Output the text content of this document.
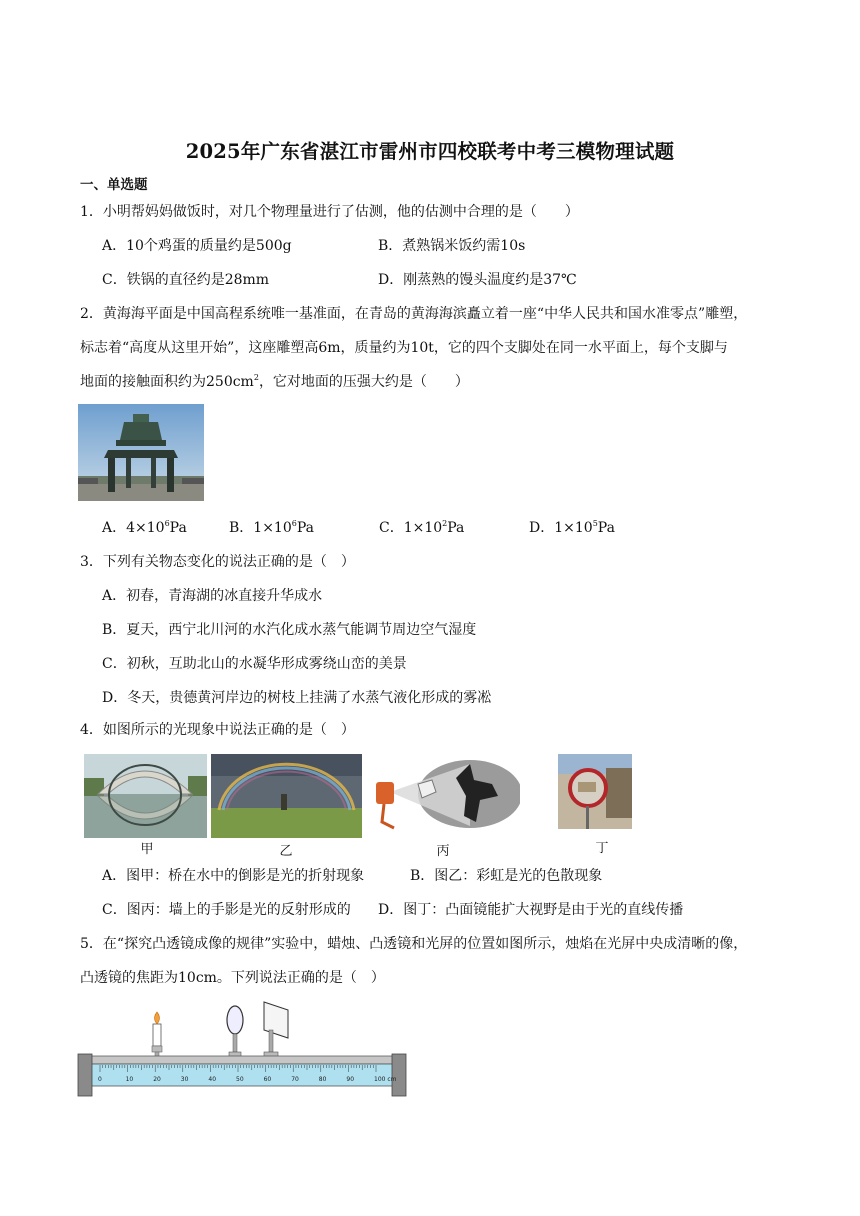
2025年广东省湛江市雷州市四校联考中考三模物理试题
一、单选题
1．小明帮妈妈做饭时，对几个物理量进行了估测，他的估测中合理的是（　　）
A．10个鸡蛋的质量约是500g	B．煮熟锅米饭约需10s
C．铁锅的直径约是28mm	D．刚蒸熟的馒头温度约是37℃
2．黄海海平面是中国高程系统唯一基准面，在青岛的黄海海滨矗立着一座“中华人民共和国水准零点”雕塑，
标志着“高度从这里开始”，这座雕塑高6m，质量约为10t，它的四个支脚处在同一水平面上，每个支脚与
地面的接触面积约为$250cm^2$，它对地面的压强大约是（　　）
A．$4\times 10^6Pa$	B．$1\times 10^6Pa$	C．$1\times 10^2Pa$	D．$1\times 10^5Pa$
3．下列有关物态变化的说法正确的是（　）
A．初春，青海湖的冰直接升华成水
B．夏天，西宁北川河的水汽化成水蒸气能调节周边空气湿度
C．初秋，互助北山的水凝华形成雾绕山峦的美景
D．冬天，贵德黄河岸边的树枝上挂满了水蒸气液化形成的雾凇
4．如图所示的光现象中说法正确的是（　）
甲	乙	丙	丁
A．图甲：桥在水中的倒影是光的折射现象	B．图乙：彩虹是光的色散现象
C．图丙：墙上的手影是光的反射形成的 D．图丁：凸面镜能扩大视野是由于光的直线传播
5．在“探究凸透镜成像的规律”实验中，蜡烛、凸透镜和光屏的位置如图所示，烛焰在光屏中央成清晰的像，
凸透镜的焦距为10cm。下列说法正确的是（　）
0	10	20	30	40	50	60	70	80	90	100 cm
